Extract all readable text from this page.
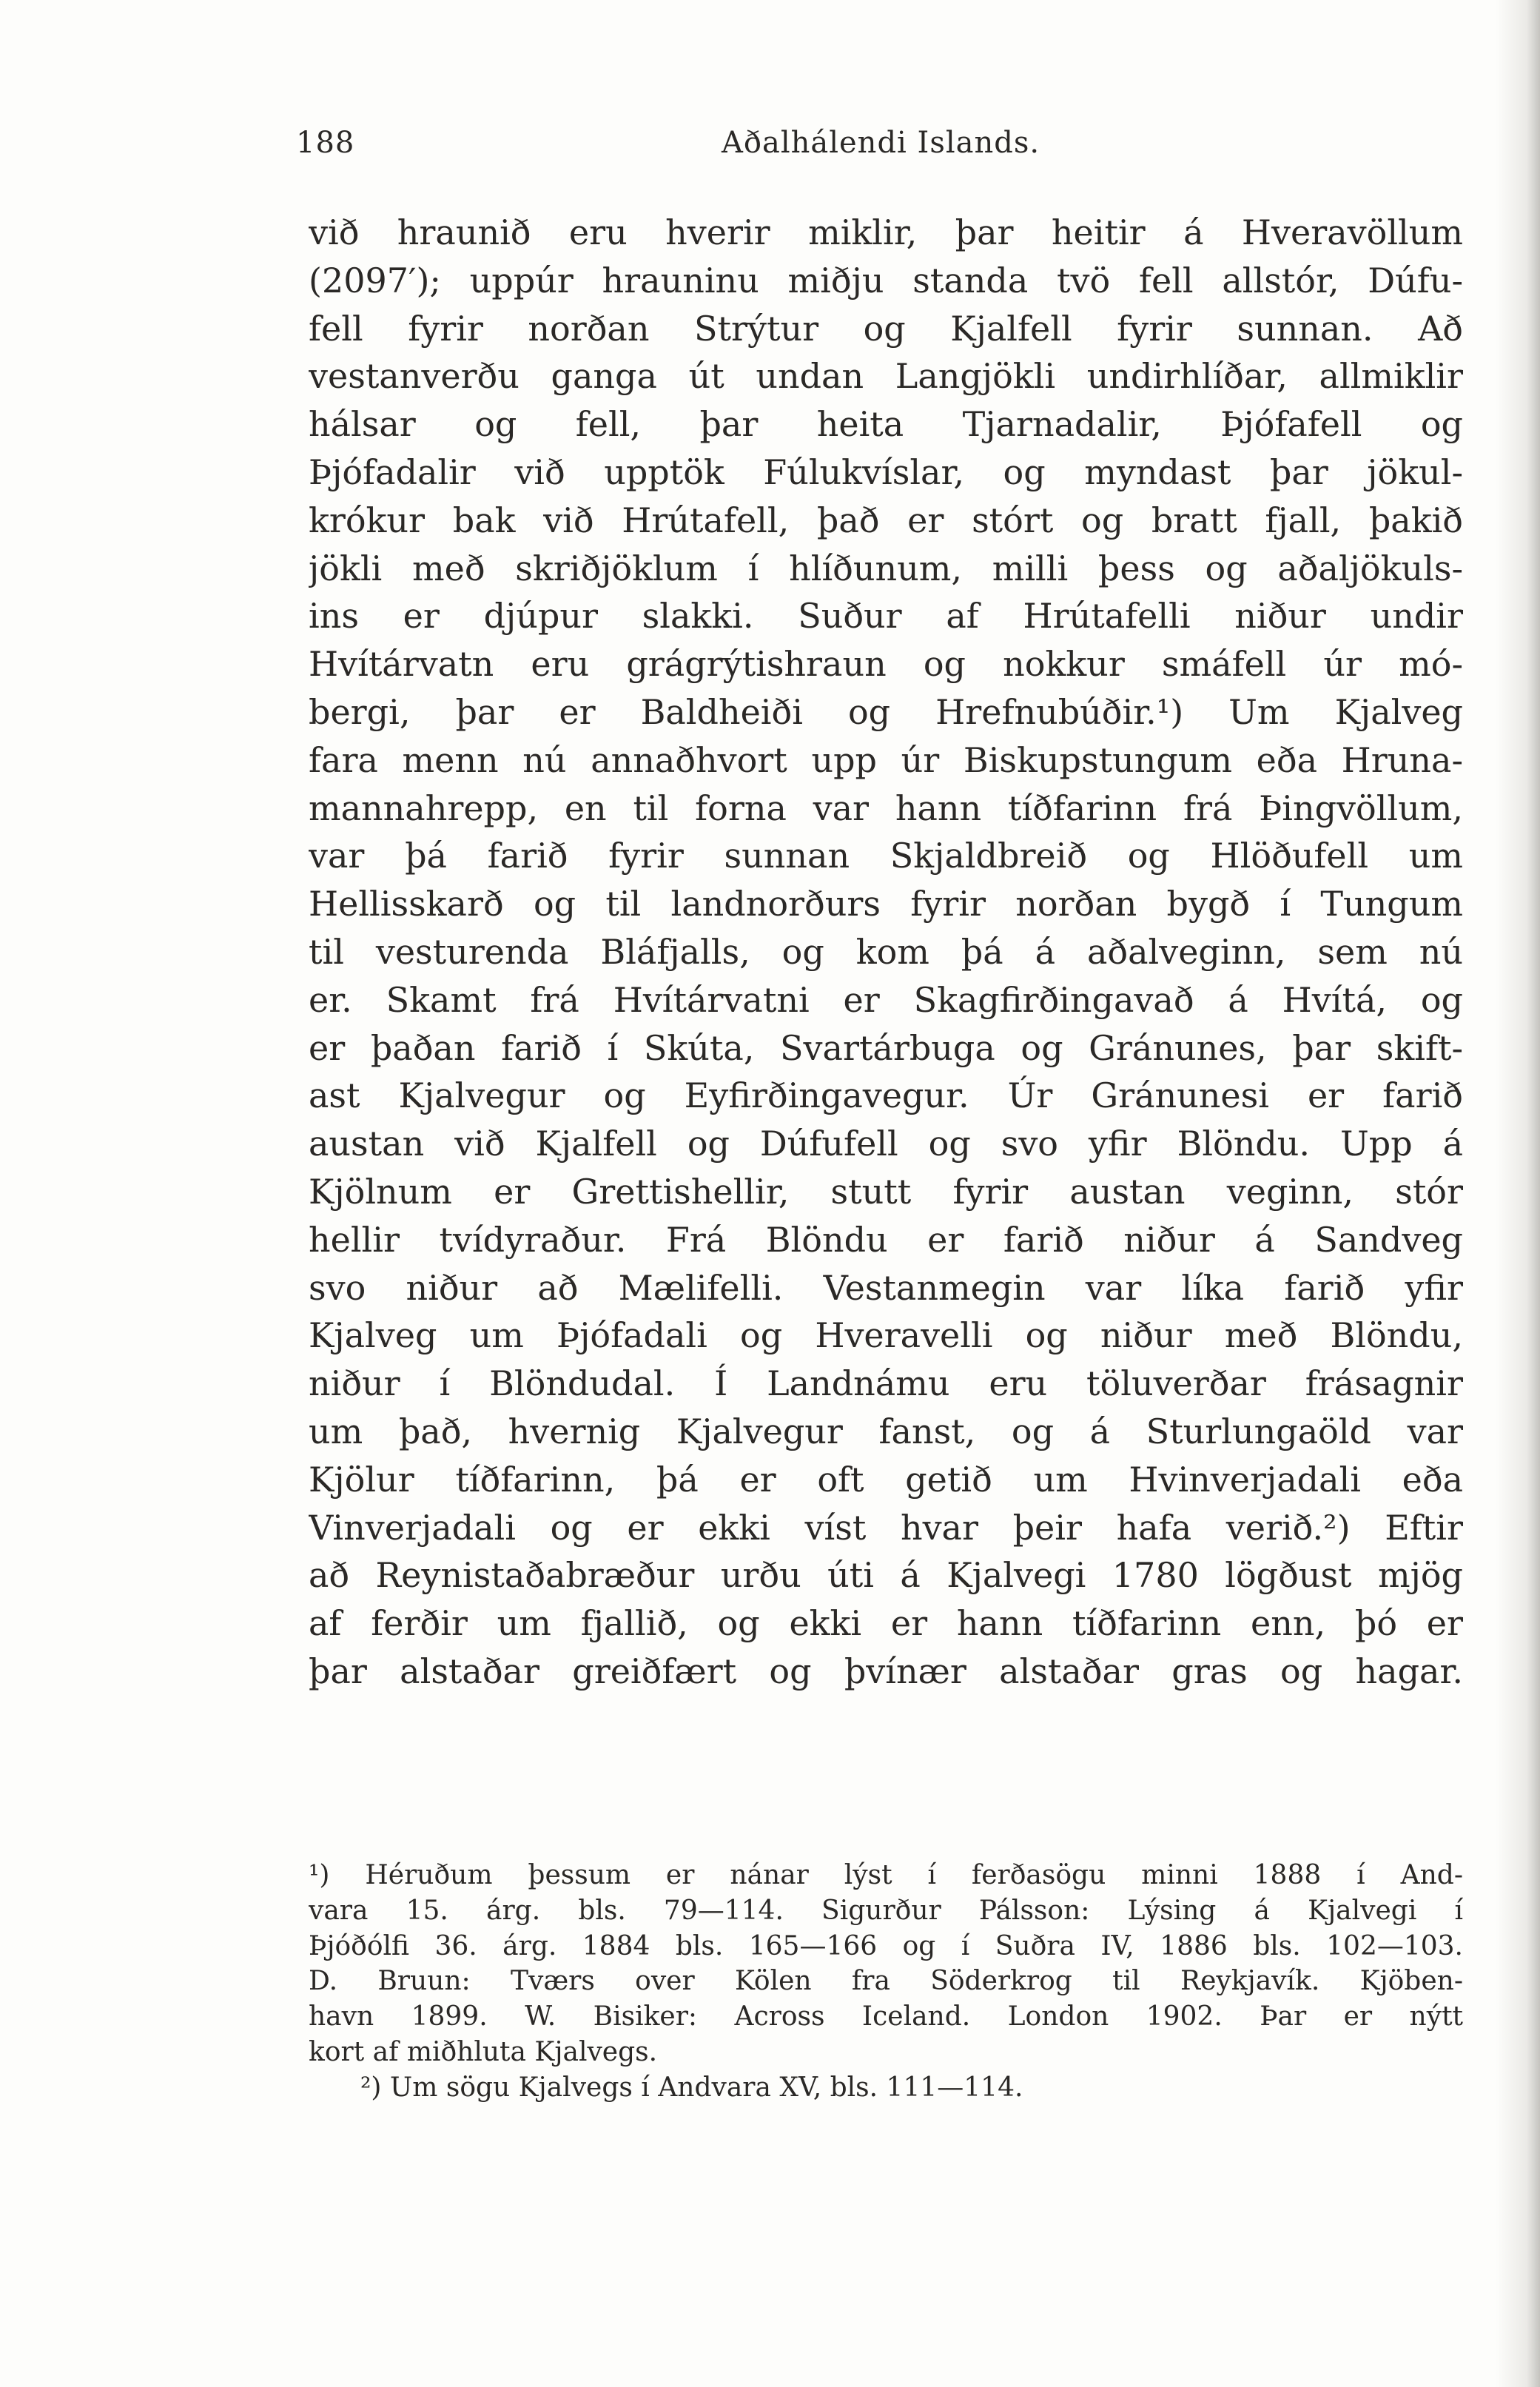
188	Aðalhálendi Islands.
við hraunið eru hverir miklir, þar heitir á Hveravöllum
(2097′); uppúr hrauninu miðju standa tvö fell allstór, Dúfu-
fell fyrir norðan Strýtur og Kjalfell fyrir sunnan. Að
vestanverðu ganga út undan Langjökli undirhlíðar, allmiklir
hálsar og fell, þar heita Tjarnadalir, Þjófafell og
Þjófadalir við upptök Fúlukvíslar, og myndast þar jökul-
krókur bak við Hrútafell, það er stórt og bratt fjall, þakið
jökli með skriðjöklum í hlíðunum, milli þess og aðaljökuls-
ins er djúpur slakki. Suður af Hrútafelli niður undir
Hvítárvatn eru grágrýtishraun og nokkur smáfell úr mó-
bergi, þar er Baldheiði og Hrefnubúðir.¹) Um Kjalveg
fara menn nú annaðhvort upp úr Biskupstungum eða Hruna-
mannahrepp, en til forna var hann tíðfarinn frá Þingvöllum,
var þá farið fyrir sunnan Skjaldbreið og Hlöðufell um
Hellisskarð og til landnorðurs fyrir norðan bygð í Tungum
til vesturenda Bláfjalls, og kom þá á aðalveginn, sem nú
er. Skamt frá Hvítárvatni er Skagfirðingavað á Hvítá, og
er þaðan farið í Skúta, Svartárbuga og Gránunes, þar skift-
ast Kjalvegur og Eyfirðingavegur. Úr Gránunesi er farið
austan við Kjalfell og Dúfufell og svo yfir Blöndu. Upp á
Kjölnum er Grettishellir, stutt fyrir austan veginn, stór
hellir tvídyraður. Frá Blöndu er farið niður á Sandveg
svo niður að Mælifelli. Vestanmegin var líka farið yfir
Kjalveg um Þjófadali og Hveravelli og niður með Blöndu,
niður í Blöndudal. Í Landnámu eru töluverðar frásagnir
um það, hvernig Kjalvegur fanst, og á Sturlungaöld var
Kjölur tíðfarinn, þá er oft getið um Hvinverjadali eða
Vinverjadali og er ekki víst hvar þeir hafa verið.²) Eftir
að Reynistaðabræður urðu úti á Kjalvegi 1780 lögðust mjög
af ferðir um fjallið, og ekki er hann tíðfarinn enn, þó er
þar alstaðar greiðfært og þvínær alstaðar gras og hagar.
¹) Héruðum þessum er nánar lýst í ferðasögu minni 1888 í And-
vara 15. árg. bls. 79—114. Sigurður Pálsson: Lýsing á Kjalvegi í
Þjóðólfi 36. árg. 1884 bls. 165—166 og í Suðra IV, 1886 bls. 102—103.
D. Bruun: Tværs over Kölen fra Söderkrog til Reykjavík. Kjöben-
havn 1899. W. Bisiker: Across Iceland. London 1902. Þar er nýtt
kort af miðhluta Kjalvegs.
²) Um sögu Kjalvegs í Andvara XV, bls. 111—114.
